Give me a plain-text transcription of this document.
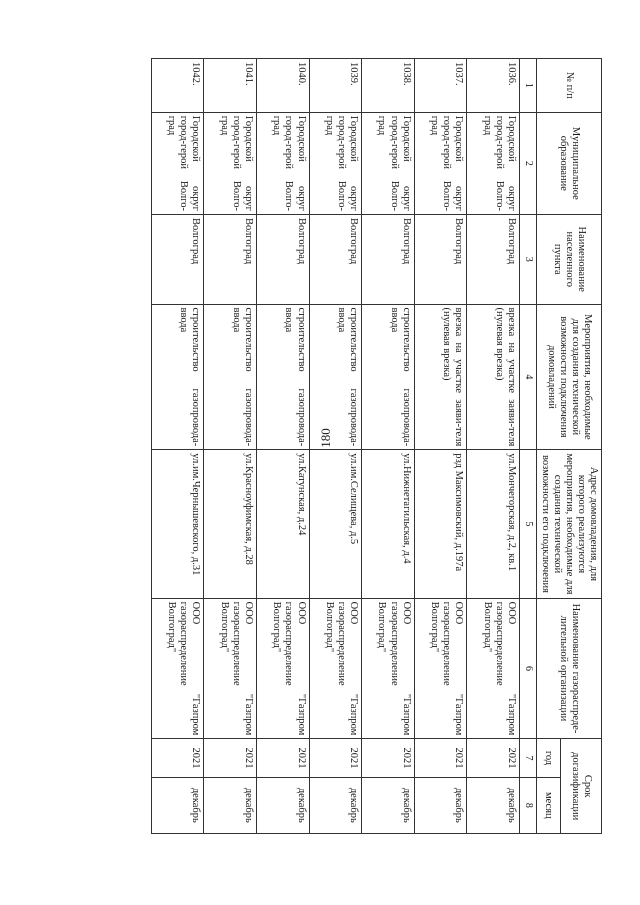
180
№ п/п	Муниципальное образование	Наименование населенного пункта	Мероприятия, необходимые для создания технической возможности подключения домовладений	Адрес домовладения, для которого реализуются мероприятия, необходимые для создания технической возможности его подключения	Наименование газораспреде-лительной организации	Срок догазификации	
						год	месяц
1	2	3	4	5	6	7	8
1036.	Городской округ город-герой Волго-град	Волгоград	врезка на участке заяви-теля (нулевая врезка)	ул.Мончегорская, д.2, кв.1	ООО "Газпром газораспределение Волгоград"	2021	декабрь
1037.	Городской округ город-герой Волго-град	Волгоград	врезка на участке заяви-теля (нулевая врезка)	рзд Максимовский, д.197а	ООО "Газпром газораспределение Волгоград"	2021	декабрь
1038.	Городской округ город-герой Волго-град	Волгоград	строительство газопровода-ввода	ул.Нижнетагильская, д.4	ООО "Газпром газораспределение Волгоград"	2021	декабрь
1039.	Городской округ город-герой Волго-град	Волгоград	строительство газопровода-ввода	ул.им.Селищева, д.5	ООО "Газпром газораспределение Волгоград"	2021	декабрь
1040.	Городской округ город-герой Волго-град	Волгоград	строительство газопровода-ввода	ул.Катунская, д.24	ООО "Газпром газораспределение Волгоград"	2021	декабрь
1041.	Городской округ город-герой Волго-град	Волгоград	строительство газопровода-ввода	ул.Красноуфимская, д.28	ООО "Газпром газораспределение Волгоград"	2021	декабрь
1042.	Городской округ город-герой Волго-град	Волгоград	строительство газопровода-ввода	ул.им.Чернышевского, д.31	ООО "Газпром газораспределение Волгоград"	2021	декабрь
